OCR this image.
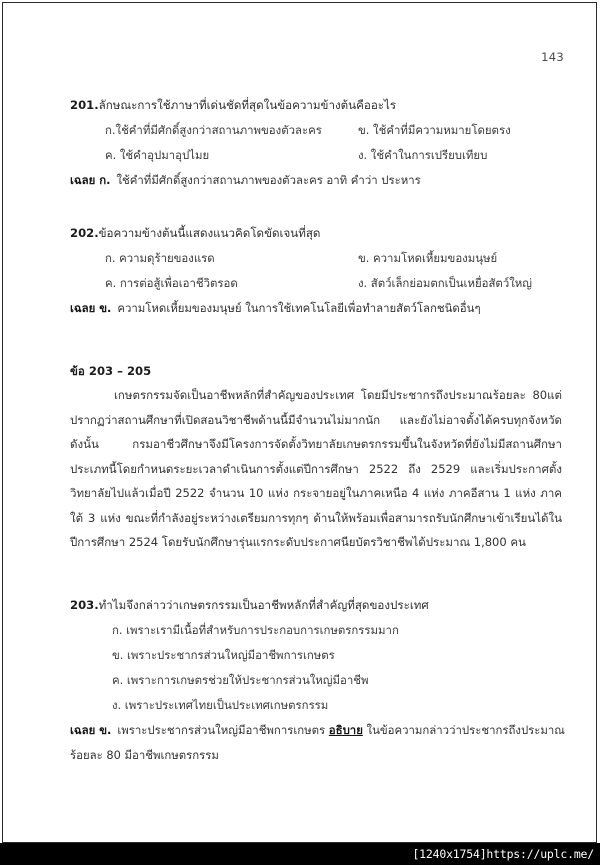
143
201.ลักษณะการใช้ภาษาที่เด่นชัดที่สุดในข้อความข้างต้นคืออะไร
ก.ใช้คำที่มีศักดิ์สูงกว่าสถานภาพของตัวละคร	ข. ใช้คำที่มีความหมายโดยตรง
ค. ใช้คำอุปมาอุปไมย	ง. ใช้คำในการเปรียบเทียบ
เฉลย ก. ใช้คำที่มีศักดิ์สูงกว่าสถานภาพของตัวละคร อาทิ คำว่า ประหาร
202.ข้อความข้างต้นนี้แสดงแนวคิดโดขัดเจนที่สุด
ก. ความดุร้ายของแรด	ข. ความโหดเหี้ยมของมนุษย์
ค. การต่อสู้เพื่อเอาชีวิตรอด	ง. สัตว์เล็กย่อมตกเป็นเหยื่อสัตว์ใหญ่
เฉลย ข. ความโหดเหี้ยมของมนุษย์ ในการใช้เทคโนโลยีเพื่อทำลายสัตว์โลกชนิดอื่นๆ
ข้อ 203 – 205
เกษตรกรรมจัดเป็นอาชีพหลักที่สำคัญของประเทศ โดยมีประชากรถึงประมาณร้อยละ 80แต่ปรากฏว่าสถานศึกษาที่เปิดสอนวิชาชีพด้านนี้มีจำนวนไม่มากนัก และยังไม่อาจตั้งได้ครบทุกจังหวัด ดังนั้น กรมอาชีวศึกษาจึงมีโครงการจัดตั้งวิทยาลัยเกษตรกรรมขึ้นในจังหวัดที่ยังไม่มีสถานศึกษาประเภทนี้โดยกำหนดระยะเวลาดำเนินการตั้งแต่ปีการศึกษา 2522 ถึง 2529 และเริ่มประกาศตั้งวิทยาลัยไปแล้วเมื่อปี 2522 จำนวน 10 แห่ง กระจายอยู่ในภาคเหนือ 4 แห่ง ภาคอีสาน 1 แห่ง ภาคใต้ 3 แห่ง ขณะที่กำลังอยู่ระหว่างเตรียมการทุกๆ ด้านให้พร้อมเพื่อสามารถรับนักศึกษาเข้าเรียนได้ในปีการศึกษา 2524 โดยรับนักศึกษารุ่นแรกระดับประกาศนียบัตรวิชาชีพได้ประมาณ 1,800 คน
203.ทำไมจึงกล่าวว่าเกษตรกรรมเป็นอาชีพหลักที่สำคัญที่สุดของประเทศ
ก. เพราะเรามีเนื้อที่สำหรับการประกอบการเกษตรกรรมมาก
ข. เพราะประชากรส่วนใหญ่มีอาชีพการเกษตร
ค. เพราะการเกษตรช่วยให้ประชากรส่วนใหญ่มีอาชีพ
ง. เพราะประเทศไทยเป็นประเทศเกษตรกรรม
เฉลย ข. เพราะประชากรส่วนใหญ่มีอาชีพการเกษตร อธิบาย ในข้อความกล่าวว่าประชากรถึงประมาณร้อยละ 80 มีอาชีพเกษตรกรรม
[1240x1754]https://uplc.me/
